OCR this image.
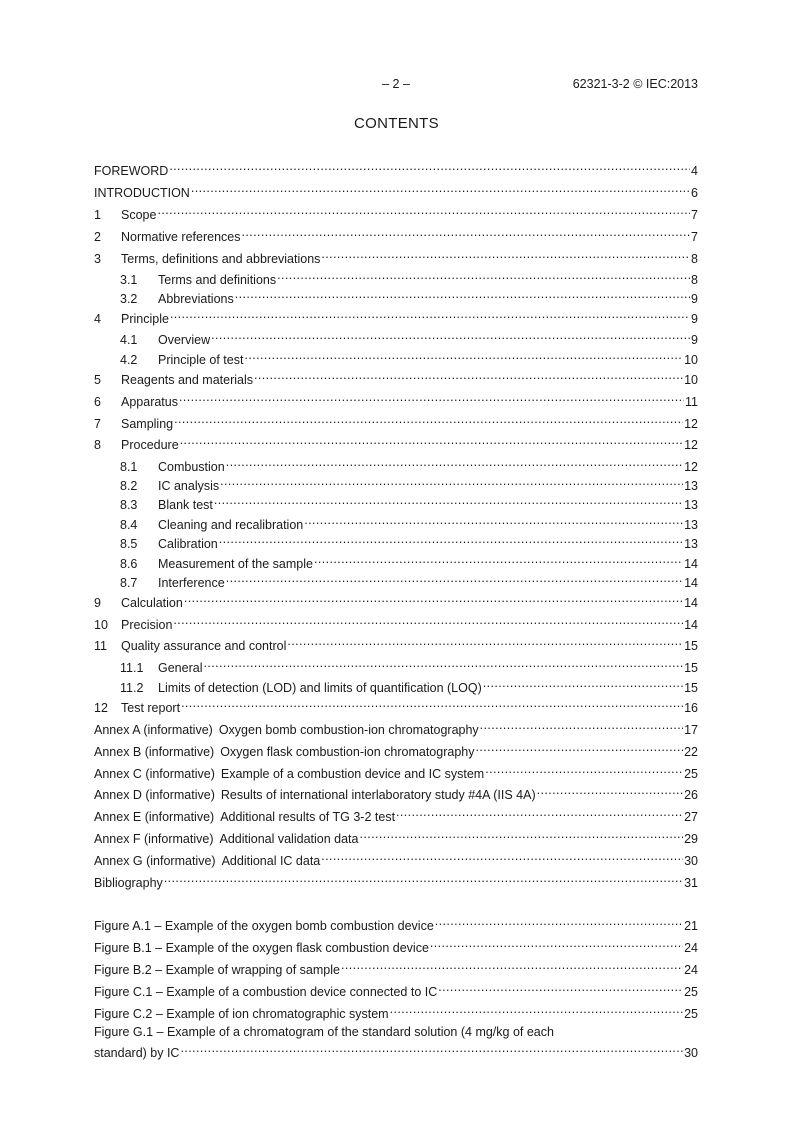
– 2 –	62321-3-2 © IEC:2013
CONTENTS
FOREWORD .....	4
INTRODUCTION .....	6
1	Scope .....	7
2	Normative references .....	7
3	Terms, definitions and abbreviations .....	8
3.1	Terms and definitions .....	8
3.2	Abbreviations .....	9
4	Principle .....	9
4.1	Overview .....	9
4.2	Principle of test .....	10
5	Reagents and materials .....	10
6	Apparatus .....	11
7	Sampling .....	12
8	Procedure .....	12
8.1	Combustion .....	12
8.2	IC analysis .....	13
8.3	Blank test .....	13
8.4	Cleaning and recalibration .....	13
8.5	Calibration .....	13
8.6	Measurement of the sample .....	14
8.7	Interference .....	14
9	Calculation .....	14
10	Precision .....	14
11	Quality assurance and control .....	15
11.1	General .....	15
11.2	Limits of detection (LOD) and limits of quantification (LOQ) .....	15
12	Test report .....	16
Annex A (informative) Oxygen bomb combustion-ion chromatography .....	17
Annex B (informative) Oxygen flask combustion-ion chromatography .....	22
Annex C (informative) Example of a combustion device and IC system .....	25
Annex D (informative) Results of international interlaboratory study #4A (IIS 4A) .....	26
Annex E (informative) Additional results of TG 3-2 test .....	27
Annex F (informative) Additional validation data .....	29
Annex G (informative) Additional IC data .....	30
Bibliography .....	31
Figure A.1 – Example of the oxygen bomb combustion device .....	21
Figure B.1 – Example of the oxygen flask combustion device .....	24
Figure B.2 – Example of wrapping of sample .....	24
Figure C.1 – Example of a combustion device connected to IC .....	25
Figure C.2 – Example of ion chromatographic system .....	25
Figure G.1 – Example of a chromatogram of the standard solution (4 mg/kg of each
standard) by IC .....	30
